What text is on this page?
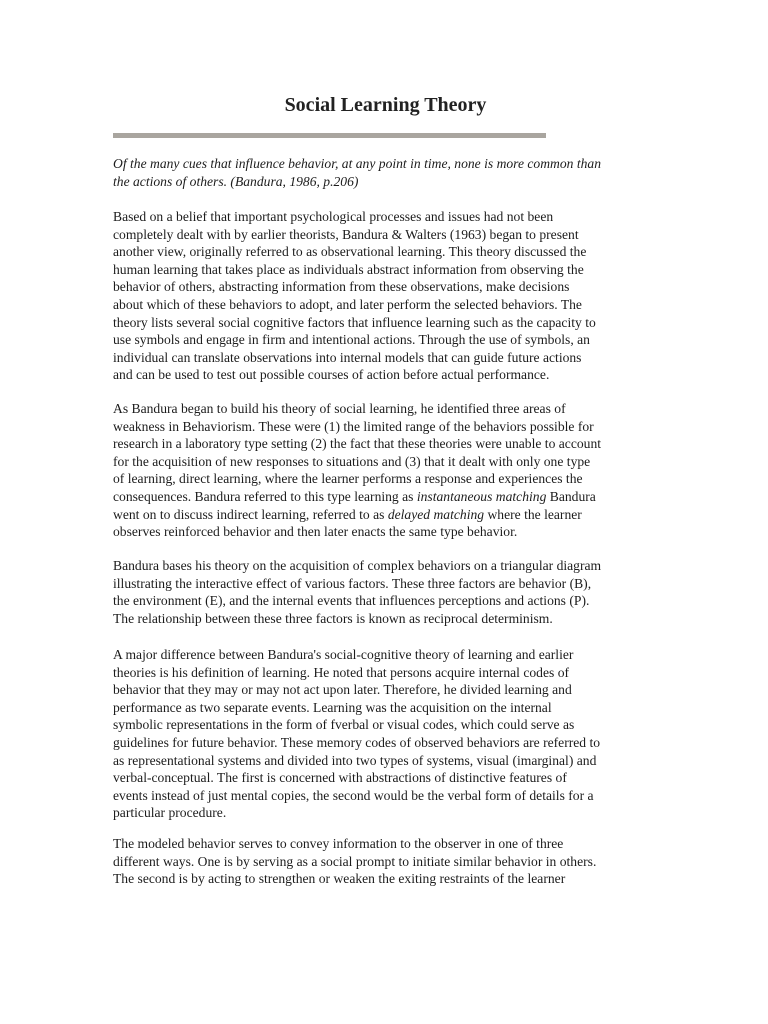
Social Learning Theory

Of the many cues that influence behavior, at any point in time, none is more common than
the actions of others. (Bandura, 1986, p.206)

Based on a belief that important psychological processes and issues had not been
completely dealt with by earlier theorists, Bandura & Walters (1963) began to present
another view, originally referred to as observational learning. This theory discussed the
human learning that takes place as individuals abstract information from observing the
behavior of others, abstracting information from these observations, make decisions
about which of these behaviors to adopt, and later perform the selected behaviors. The
theory lists several social cognitive factors that influence learning such as the capacity to
use symbols and engage in firm and intentional actions. Through the use of symbols, an
individual can translate observations into internal models that can guide future actions
and can be used to test out possible courses of action before actual performance.

As Bandura began to build his theory of social learning, he identified three areas of
weakness in Behaviorism. These were (1) the limited range of the behaviors possible for
research in a laboratory type setting (2) the fact that these theories were unable to account
for the acquisition of new responses to situations and (3) that it dealt with only one type
of learning, direct learning, where the learner performs a response and experiences the
consequences. Bandura referred to this type learning as instantaneous matching Bandura
went on to discuss indirect learning, referred to as delayed matching where the learner
observes reinforced behavior and then later enacts the same type behavior.

Bandura bases his theory on the acquisition of complex behaviors on a triangular diagram
illustrating the interactive effect of various factors. These three factors are behavior (B),
the environment (E), and the internal events that influences perceptions and actions (P).
The relationship between these three factors is known as reciprocal determinism.

A major difference between Bandura's social-cognitive theory of learning and earlier
theories is his definition of learning. He noted that persons acquire internal codes of
behavior that they may or may not act upon later. Therefore, he divided learning and
performance as two separate events. Learning was the acquisition on the internal
symbolic representations in the form of fverbal or visual codes, which could serve as
guidelines for future behavior. These memory codes of observed behaviors are referred to
as representational systems and divided into two types of systems, visual (imarginal) and
verbal-conceptual. The first is concerned with abstractions of distinctive features of
events instead of just mental copies, the second would be the verbal form of details for a
particular procedure.

The modeled behavior serves to convey information to the observer in one of three
different ways. One is by serving as a social prompt to initiate similar behavior in others.
The second is by acting to strengthen or weaken the exiting restraints of the learner
